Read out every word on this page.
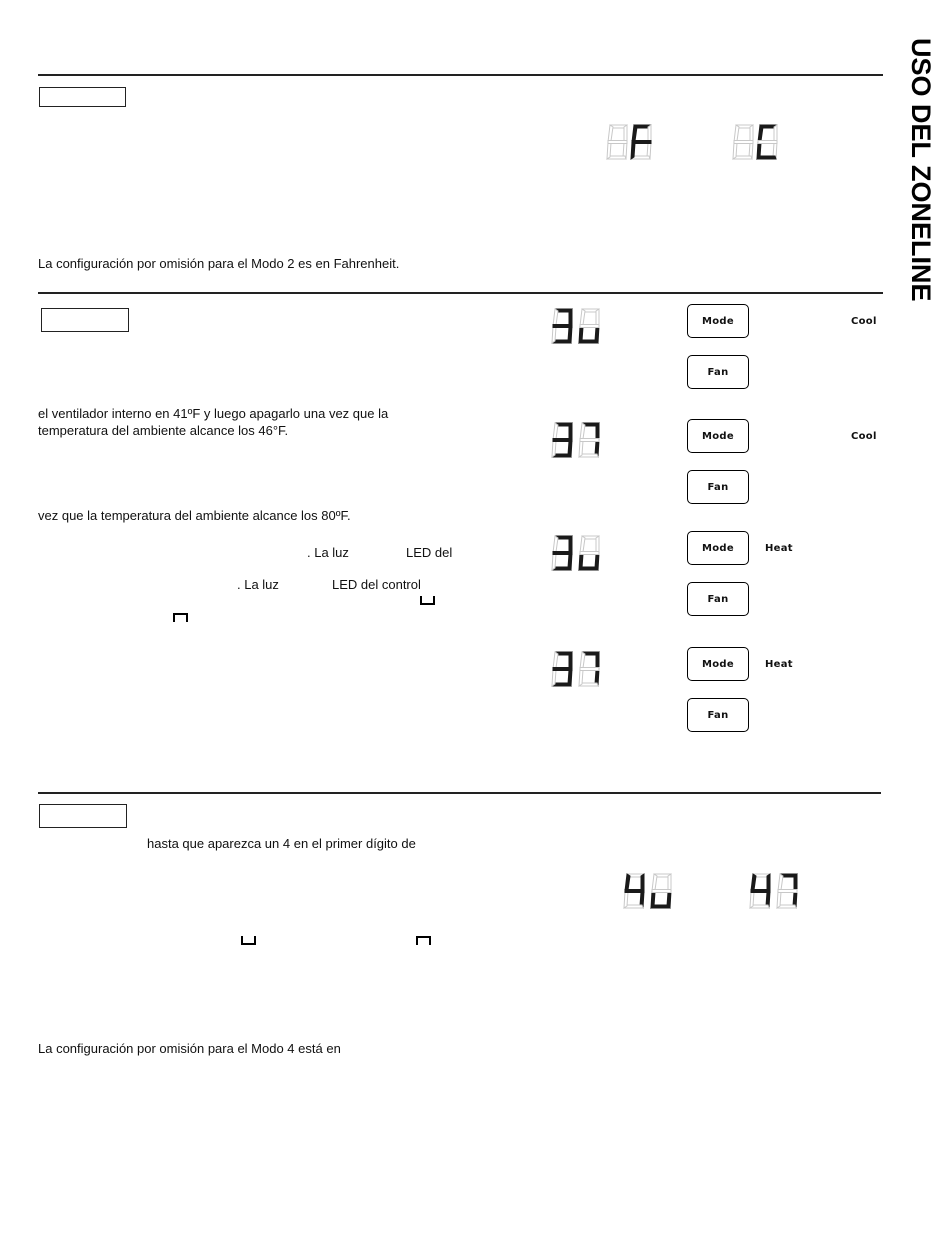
USO DEL ZONELINE
La configuración por omisión para el Modo 2 es en Fahrenheit.
el ventilador interno en 41ºF y luego apagarlo una vez que la
temperatura del ambiente alcance los 46°F.
vez que la temperatura del ambiente alcance los 80ºF.
. La luz	LED del
. La luz	LED del control
Mode	Cool
Fan
Mode	Cool
Fan
Mode	Heat
Fan
Mode	Heat
Fan
hasta que aparezca un 4 en el primer dígito de
La configuración por omisión para el Modo 4 está en
